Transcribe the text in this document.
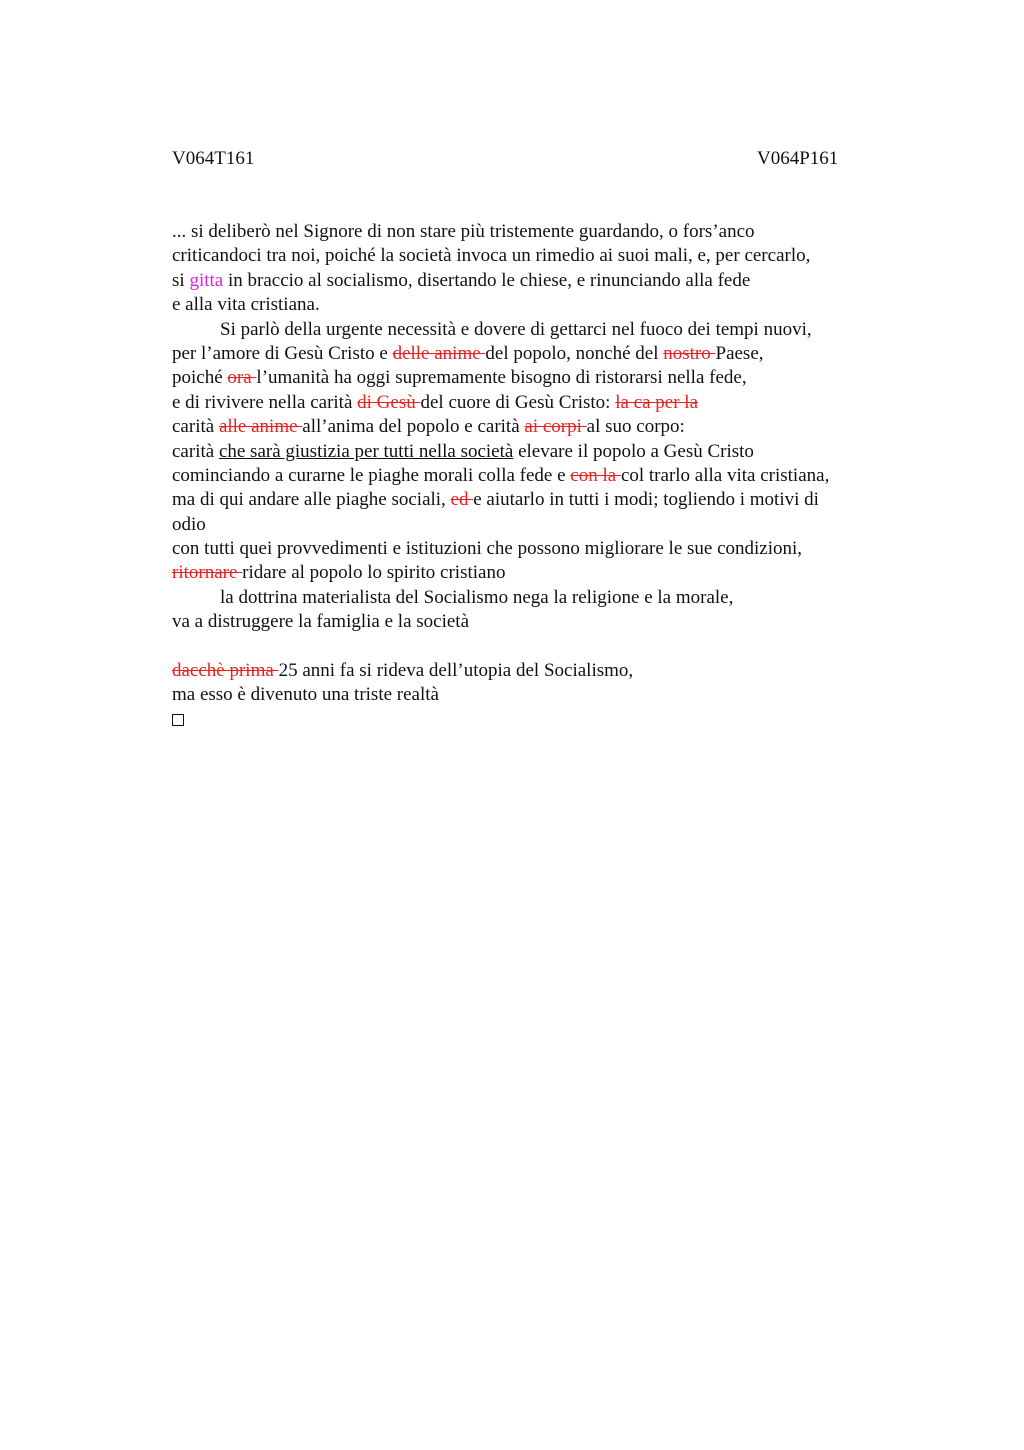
V064T161	V064P161
... si deliberò nel Signore di non stare più tristemente guardando, o fors’anco
criticandoci tra noi, poiché la società invoca un rimedio ai suoi mali, e, per cercarlo,
si gitta in braccio al socialismo, disertando le chiese, e rinunciando alla fede
e alla vita cristiana.
Si parlò della urgente necessità e dovere di gettarci nel fuoco dei tempi nuovi,
per l’amore di Gesù Cristo e delle anime del popolo, nonché del nostro Paese,
poiché ora l’umanità ha oggi supremamente bisogno di ristorarsi nella fede,
e di rivivere nella carità di Gesù del cuore di Gesù Cristo: la ca per la
carità alle anime all’anima del popolo e carità ai corpi al suo corpo:
carità che sarà giustizia per tutti nella società elevare il popolo a Gesù Cristo
cominciando a curarne le piaghe morali colla fede e con la col trarlo alla vita cristiana,
ma di qui andare alle piaghe sociali, ed e aiutarlo in tutti i modi; togliendo i motivi di
odio
con tutti quei provvedimenti e istituzioni che possono migliorare le sue condizioni,
ritornare ridare al popolo lo spirito cristiano
la dottrina materialista del Socialismo nega la religione e la morale,
va a distruggere la famiglia e la società
dacchè prima 25 anni fa si rideva dell’utopia del Socialismo,
ma esso è divenuto una triste realtà
